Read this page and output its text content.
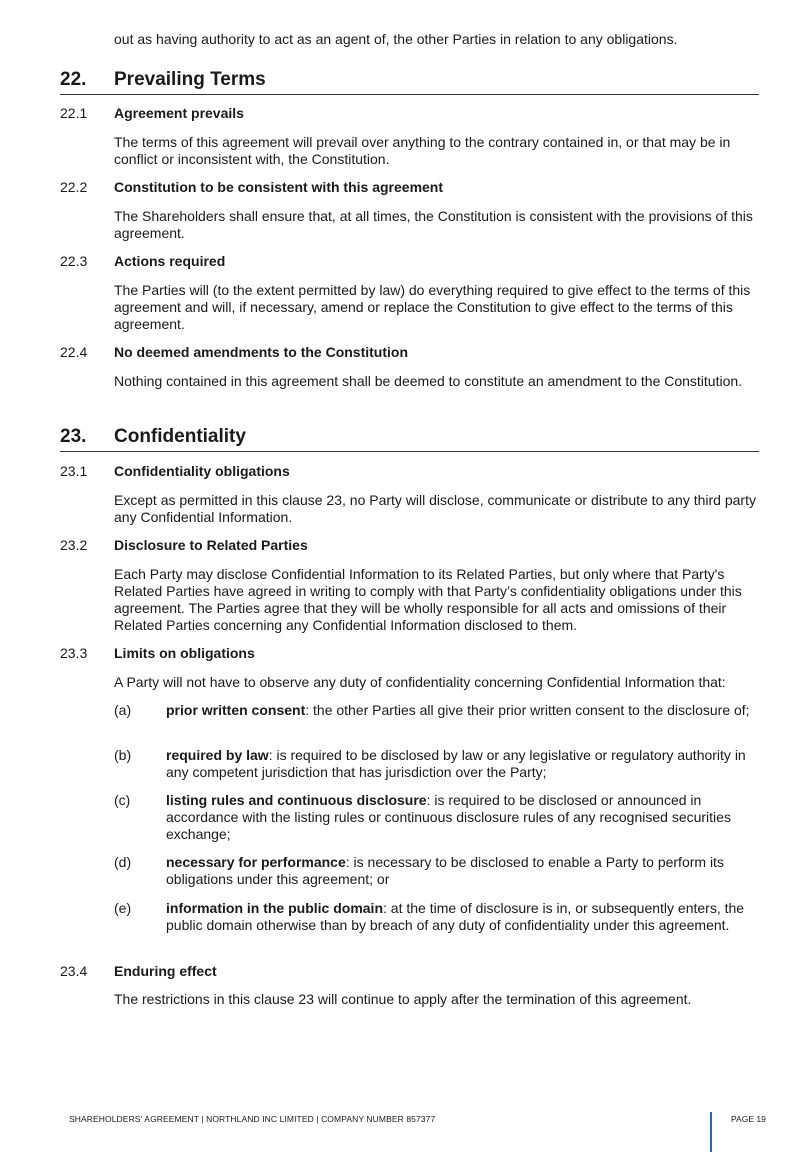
out as having authority to act as an agent of, the other Parties in relation to any obligations.
22. Prevailing Terms
22.1 Agreement prevails
The terms of this agreement will prevail over anything to the contrary contained in, or that may be in conflict or inconsistent with, the Constitution.
22.2 Constitution to be consistent with this agreement
The Shareholders shall ensure that, at all times, the Constitution is consistent with the provisions of this agreement.
22.3 Actions required
The Parties will (to the extent permitted by law) do everything required to give effect to the terms of this agreement and will, if necessary, amend or replace the Constitution to give effect to the terms of this agreement.
22.4 No deemed amendments to the Constitution
Nothing contained in this agreement shall be deemed to constitute an amendment to the Constitution.
23. Confidentiality
23.1 Confidentiality obligations
Except as permitted in this clause 23, no Party will disclose, communicate or distribute to any third party any Confidential Information.
23.2 Disclosure to Related Parties
Each Party may disclose Confidential Information to its Related Parties, but only where that Party's Related Parties have agreed in writing to comply with that Party’s confidentiality obligations under this agreement. The Parties agree that they will be wholly responsible for all acts and omissions of their Related Parties concerning any Confidential Information disclosed to them.
23.3 Limits on obligations
A Party will not have to observe any duty of confidentiality concerning Confidential Information that:
(a) prior written consent: the other Parties all give their prior written consent to the disclosure of;
(b) required by law: is required to be disclosed by law or any legislative or regulatory authority in any competent jurisdiction that has jurisdiction over the Party;
(c)	listing rules and continuous disclosure: is required to be disclosed or announced in accordance with the listing rules or continuous disclosure rules of any recognised securities exchange;
(d) necessary for performance: is necessary to be disclosed to enable a Party to perform its obligations under this agreement; or
(e) information in the public domain: at the time of disclosure is in, or subsequently enters, the public domain otherwise than by breach of any duty of confidentiality under this agreement.
23.4 Enduring effect
The restrictions in this clause 23 will continue to apply after the termination of this agreement.
SHAREHOLDERS' AGREEMENT | NORTHLAND INC LIMITED | COMPANY NUMBER 857377	PAGE 19
